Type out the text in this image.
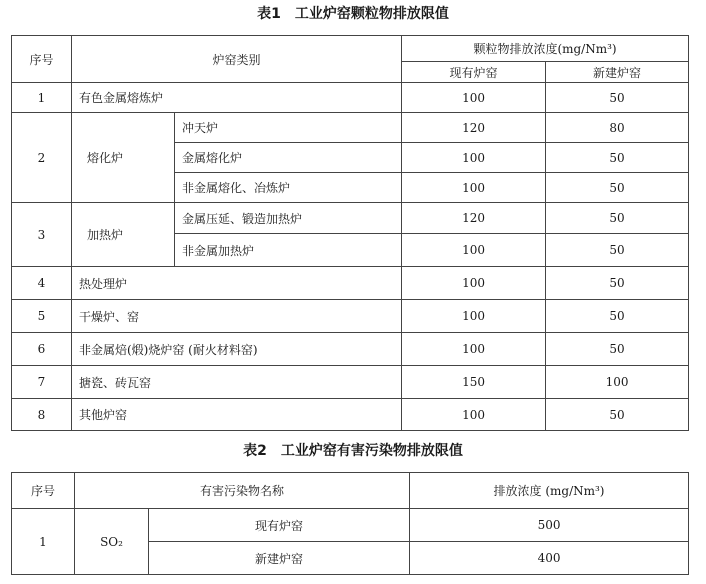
表1　工业炉窑颗粒物排放限值
序号	炉窑类别		颗粒物排放浓度(mg/Nm³)	
			现有炉窑	新建炉窑
1	有色金属熔炼炉		100	50
2	熔化炉	冲天炉	120	80
		金属熔化炉	100	50
		非金属熔化、冶炼炉	100	50
3	加热炉	金属压延、锻造加热炉	120	50
		非金属加热炉	100	50
4	热处理炉		100	50
5	干燥炉、窑		100	50
6	非金属焙(煅)烧炉窑 (耐火材料窑)		100	50
7	搪瓷、砖瓦窑		150	100
8	其他炉窑		100	50
表2　工业炉窑有害污染物排放限值
序号	有害污染物名称		排放浓度 (mg/Nm³)
1	SO₂	现有炉窑	500
		新建炉窑	400
